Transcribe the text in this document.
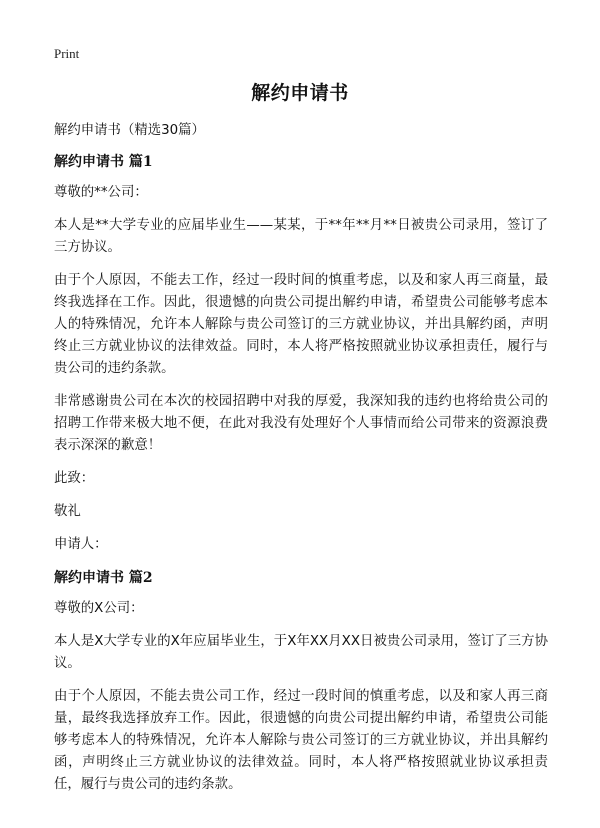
Print
解约申请书

解约申请书（精选30篇）

解约申请书 篇1

尊敬的**公司：

本人是**大学专业的应届毕业生——某某，于**年**月**日被贵公司录用，签订了三方协议。

由于个人原因，不能去工作，经过一段时间的慎重考虑，以及和家人再三商量，最终我选择在工作。因此，很遗憾的向贵公司提出解约申请，希望贵公司能够考虑本人的特殊情况，允许本人解除与贵公司签订的三方就业协议，并出具解约函，声明终止三方就业协议的法律效益。同时，本人将严格按照就业协议承担责任，履行与贵公司的违约条款。

非常感谢贵公司在本次的校园招聘中对我的厚爱，我深知我的违约也将给贵公司的招聘工作带来极大地不便，在此对我没有处理好个人事情而给公司带来的资源浪费表示深深的歉意！

此致：

敬礼

申请人：

解约申请书 篇2

尊敬的X公司：

本人是X大学专业的X年应届毕业生，于X年XX月XX日被贵公司录用，签订了三方协议。

由于个人原因，不能去贵公司工作，经过一段时间的慎重考虑，以及和家人再三商量，最终我选择放弃工作。因此，很遗憾的向贵公司提出解约申请，希望贵公司能够考虑本人的特殊情况，允许本人解除与贵公司签订的三方就业协议，并出具解约函，声明终止三方就业协议的法律效益。同时，本人将严格按照就业协议承担责任，履行与贵公司的违约条款。
